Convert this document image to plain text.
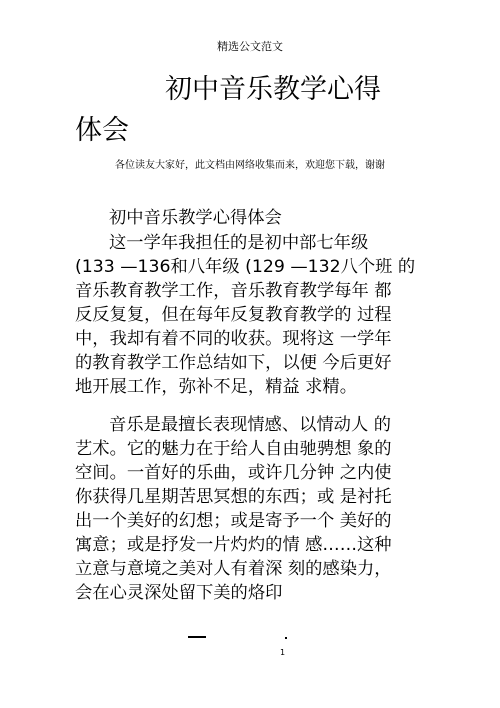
精选公文范文
初中音乐教学心得
体会
各位读友大家好，此文档由网络收集而来，欢迎您下载，谢谢
初中音乐教学心得体会
这一学年我担任的是初中部七年级
(133 —136和八年级 (129 —132八个班 的
音乐教育教学工作，音乐教育教学每年 都
反反复复，但在每年反复教育教学的 过程
中，我却有着不同的收获。现将这 一学年
的教育教学工作总结如下，以便 今后更好
地开展工作，弥补不足，精益 求精。
音乐是最擅长表现情感、以情动人 的
艺术。它的魅力在于给人自由驰骋想 象的
空间。一首好的乐曲，或许几分钟 之内使
你获得几星期苦思冥想的东西；或 是衬托
出一个美好的幻想；或是寄予一个 美好的
寓意；或是抒发一片灼灼的情 感……这种
立意与意境之美对人有着深 刻的感染力，
会在心灵深处留下美的烙印
1
